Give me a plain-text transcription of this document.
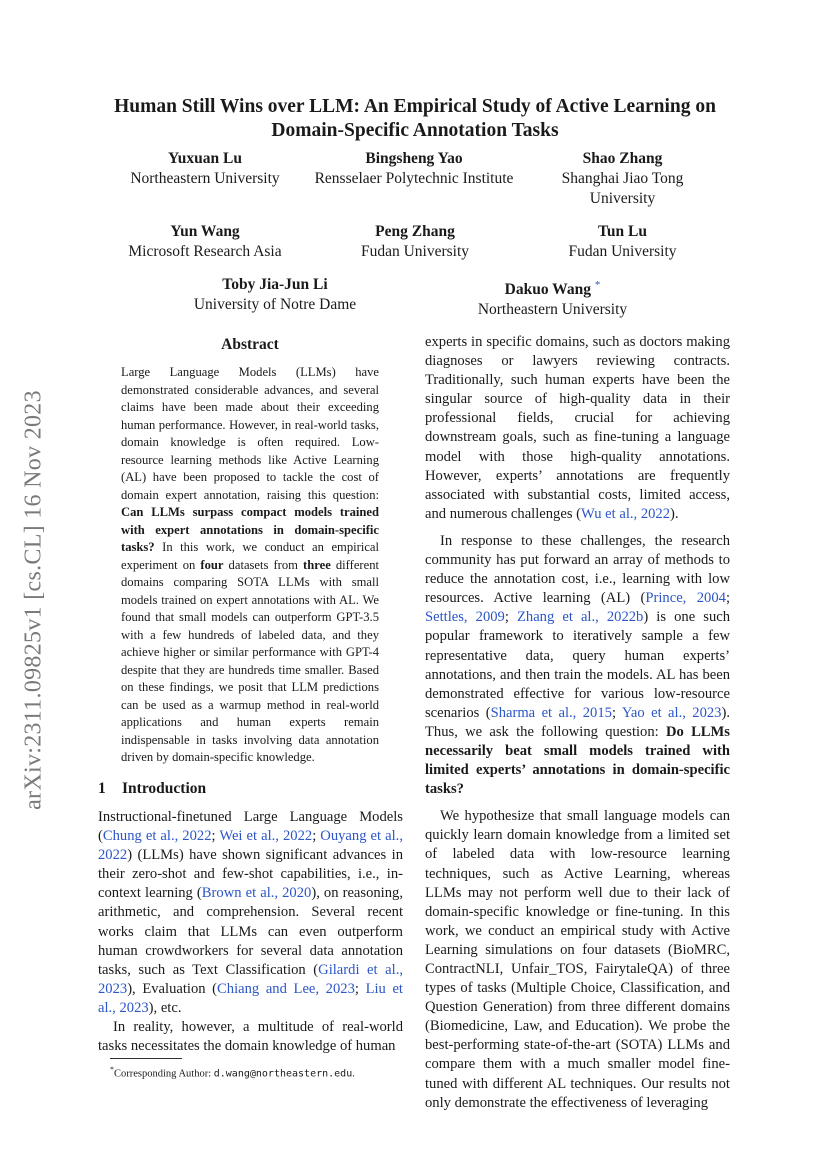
arXiv:2311.09825v1 [cs.CL] 16 Nov 2023
Human Still Wins over LLM: An Empirical Study of Active Learning on
Domain-Specific Annotation Tasks
Yuxuan Lu
Northeastern University
Bingsheng Yao
Rensselaer Polytechnic Institute
Shao Zhang
Shanghai Jiao Tong
University
Yun Wang
Microsoft Research Asia
Peng Zhang
Fudan University
Tun Lu
Fudan University
Toby Jia-Jun Li
University of Notre Dame
Dakuo Wang *
Northeastern University
Abstract

Large Language Models (LLMs) have demonstrated considerable advances, and several claims have been made about their exceeding human performance. However, in real-world tasks, domain knowledge is often required. Low-resource learning methods like Active Learning (AL) have been proposed to tackle the cost of domain expert annotation, raising this question: Can LLMs surpass compact models trained with expert annotations in domain-specific tasks? In this work, we conduct an empirical experiment on four datasets from three different domains comparing SOTA LLMs with small models trained on expert annotations with AL. We found that small models can outperform GPT-3.5 with a few hundreds of labeled data, and they achieve higher or similar performance with GPT-4 despite that they are hundreds time smaller. Based on these findings, we posit that LLM predictions can be used as a warmup method in real-world applications and human experts remain indispensable in tasks involving data annotation driven by domain-specific knowledge.

1 Introduction

Instructional-finetuned Large Language Models (Chung et al., 2022; Wei et al., 2022; Ouyang et al., 2022) (LLMs) have shown significant advances in their zero-shot and few-shot capabilities, i.e., in-context learning (Brown et al., 2020), on reasoning, arithmetic, and comprehension. Several recent works claim that LLMs can even outperform human crowdworkers for several data annotation tasks, such as Text Classification (Gilardi et al., 2023), Evaluation (Chiang and Lee, 2023; Liu et al., 2023), etc.

In reality, however, a multitude of real-world tasks necessitates the domain knowledge of human

*Corresponding Author: d.wang@northeastern.edu.

experts in specific domains, such as doctors making diagnoses or lawyers reviewing contracts. Traditionally, such human experts have been the singular source of high-quality data in their professional fields, crucial for achieving downstream goals, such as fine-tuning a language model with those high-quality annotations. However, experts’ annotations are frequently associated with substantial costs, limited access, and numerous challenges (Wu et al., 2022).

In response to these challenges, the research community has put forward an array of methods to reduce the annotation cost, i.e., learning with low resources. Active learning (AL) (Prince, 2004; Settles, 2009; Zhang et al., 2022b) is one such popular framework to iteratively sample a few representative data, query human experts’ annotations, and then train the models. AL has been demonstrated effective for various low-resource scenarios (Sharma et al., 2015; Yao et al., 2023). Thus, we ask the following question: Do LLMs necessarily beat small models trained with limited experts’ annotations in domain-specific tasks?

We hypothesize that small language models can quickly learn domain knowledge from a limited set of labeled data with low-resource learning techniques, such as Active Learning, whereas LLMs may not perform well due to their lack of domain-specific knowledge or fine-tuning. In this work, we conduct an empirical study with Active Learning simulations on four datasets (BioMRC, ContractNLI, Unfair_TOS, FairytaleQA) of three types of tasks (Multiple Choice, Classification, and Question Generation) from three different domains (Biomedicine, Law, and Education). We probe the best-performing state-of-the-art (SOTA) LLMs and compare them with a much smaller model fine-tuned with different AL techniques. Our results not only demonstrate the effectiveness of leveraging
